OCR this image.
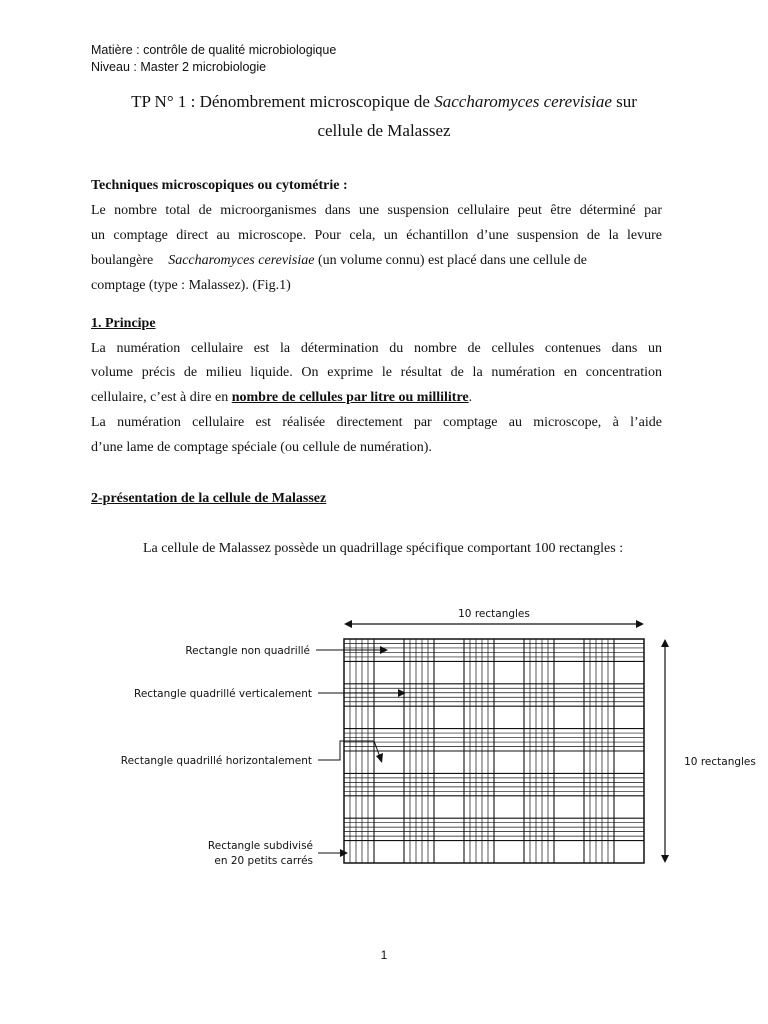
Matière : contrôle de qualité microbiologique
Niveau : Master 2 microbiologie
TP N° 1 : Dénombrement microscopique de Saccharomyces cerevisiae sur
cellule de Malassez
Techniques microscopiques ou cytométrie :
Le nombre total de microorganismes dans une suspension cellulaire peut être déterminé par
un comptage direct au microscope. Pour cela, un échantillon d’une suspension de la levure
boulangère Saccharomyces cerevisiae (un volume connu) est placé dans une cellule de
comptage (type : Malassez). (Fig.1)
1. Principe
La numération cellulaire est la détermination du nombre de cellules contenues dans un
volume précis de milieu liquide. On exprime le résultat de la numération en concentration
cellulaire, c’est à dire en nombre de cellules par litre ou millilitre.
La numération cellulaire est réalisée directement par comptage au microscope, à l’aide
d’une lame de comptage spéciale (ou cellule de numération).
2-présentation de la cellule de Malassez
La cellule de Malassez possède un quadrillage spécifique comportant 100 rectangles :
10 rectangles
10 rectangles
Rectangle non quadrillé
Rectangle quadrillé verticalement
Rectangle quadrillé horizontalement
Rectangle subdivisé
en 20 petits carrés
1
